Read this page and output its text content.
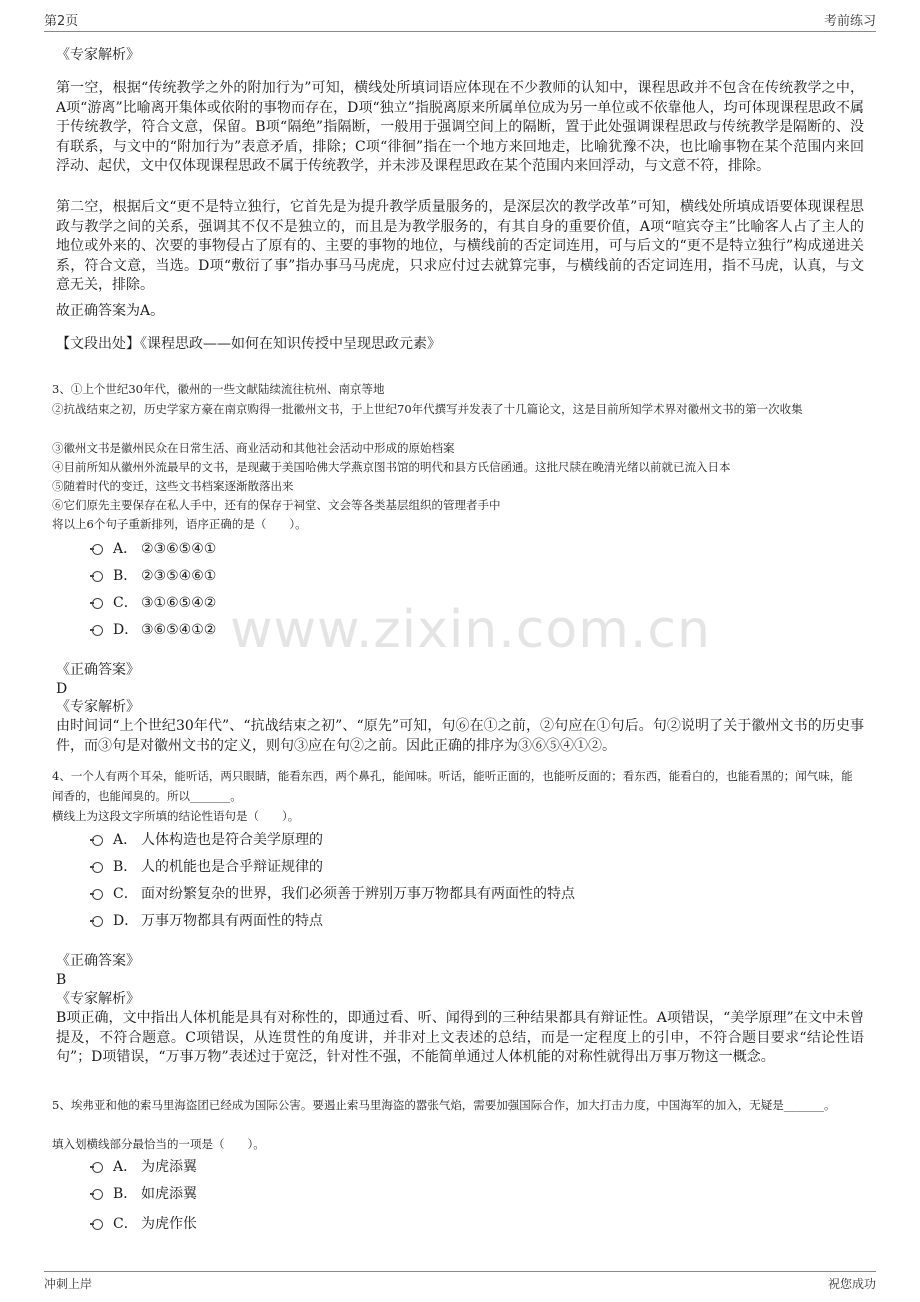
第2页	考前练习
www.zixin.com.cn
《专家解析》
第一空，根据“传统教学之外的附加行为”可知，横线处所填词语应体现在不少教师的认知中，课程思政并不包含在传统教学之中，A项“游离”比喻离开集体或依附的事物而存在，D项“独立”指脱离原来所属单位成为另一单位或不依靠他人，均可体现课程思政不属于传统教学，符合文意，保留。B项“隔绝”指隔断，一般用于强调空间上的隔断，置于此处强调课程思政与传统教学是隔断的、没有联系，与文中的“附加行为”表意矛盾，排除；C项“徘徊”指在一个地方来回地走，比喻犹豫不决，也比喻事物在某个范围内来回浮动、起伏，文中仅体现课程思政不属于传统教学，并未涉及课程思政在某个范围内来回浮动，与文意不符，排除。
第二空，根据后文“更不是特立独行，它首先是为提升教学质量服务的，是深层次的教学改革”可知，横线处所填成语要体现课程思政与教学之间的关系，强调其不仅不是独立的，而且是为教学服务的，有其自身的重要价值，A项“喧宾夺主”比喻客人占了主人的地位或外来的、次要的事物侵占了原有的、主要的事物的地位，与横线前的否定词连用，可与后文的“更不是特立独行”构成递进关系，符合文意，当选。D项“敷衍了事”指办事马马虎虎，只求应付过去就算完事，与横线前的否定词连用，指不马虎，认真，与文意无关，排除。
故正确答案为A。
【文段出处】《课程思政——如何在知识传授中呈现思政元素》
3、①上个世纪30年代，徽州的一些文献陆续流往杭州、南京等地
②抗战结束之初，历史学家方豪在南京购得一批徽州文书，于上世纪70年代撰写并发表了十几篇论文，这是目前所知学术界对徽州文书的第一次收集
③徽州文书是徽州民众在日常生活、商业活动和其他社会活动中形成的原始档案
④目前所知从徽州外流最早的文书，是现藏于美国哈佛大学燕京图书馆的明代和县方氏信函通。这批尺牍在晚清光绪以前就已流入日本
⑤随着时代的变迁，这些文书档案逐渐散落出来
⑥它们原先主要保存在私人手中，还有的保存于祠堂、文会等各类基层组织的管理者手中
将以上6个句子重新排列，语序正确的是（　　）。
A． ②③⑥⑤④①
B． ②③⑤④⑥①
C． ③①⑥⑤④②
D． ③⑥⑤④①②
《正确答案》
D
《专家解析》
由时间词“上个世纪30年代”、“抗战结束之初”、“原先”可知，句⑥在①之前，②句应在①句后。句②说明了关于徽州文书的历史事件，而③句是对徽州文书的定义，则句③应在句②之前。因此正确的排序为③⑥⑤④①②。
4、一个人有两个耳朵，能听话，两只眼睛，能看东西，两个鼻孔，能闻味。听话，能听正面的，也能听反面的；看东西，能看白的，也能看黑的；闻气味，能闻香的，也能闻臭的。所以_______。
横线上为这段文字所填的结论性语句是（　　）。
A． 人体构造也是符合美学原理的
B． 人的机能也是合乎辩证规律的
C． 面对纷繁复杂的世界，我们必须善于辨别万事万物都具有两面性的特点
D． 万事万物都具有两面性的特点
《正确答案》
B
《专家解析》
B项正确，文中指出人体机能是具有对称性的，即通过看、听、闻得到的三种结果都具有辩证性。A项错误，“美学原理”在文中未曾提及，不符合题意。C项错误，从连贯性的角度讲，并非对上文表述的总结，而是一定程度上的引申，不符合题目要求“结论性语句”；D项错误，“万事万物”表述过于宽泛，针对性不强，不能简单通过人体机能的对称性就得出万事万物这一概念。
5、埃弗亚和他的索马里海盗团已经成为国际公害。要遏止索马里海盗的嚣张气焰，需要加强国际合作，加大打击力度，中国海军的加入，无疑是_______。
填入划横线部分最恰当的一项是（　　）。
A． 为虎添翼
B． 如虎添翼
C． 为虎作伥
冲刺上岸	祝您成功
